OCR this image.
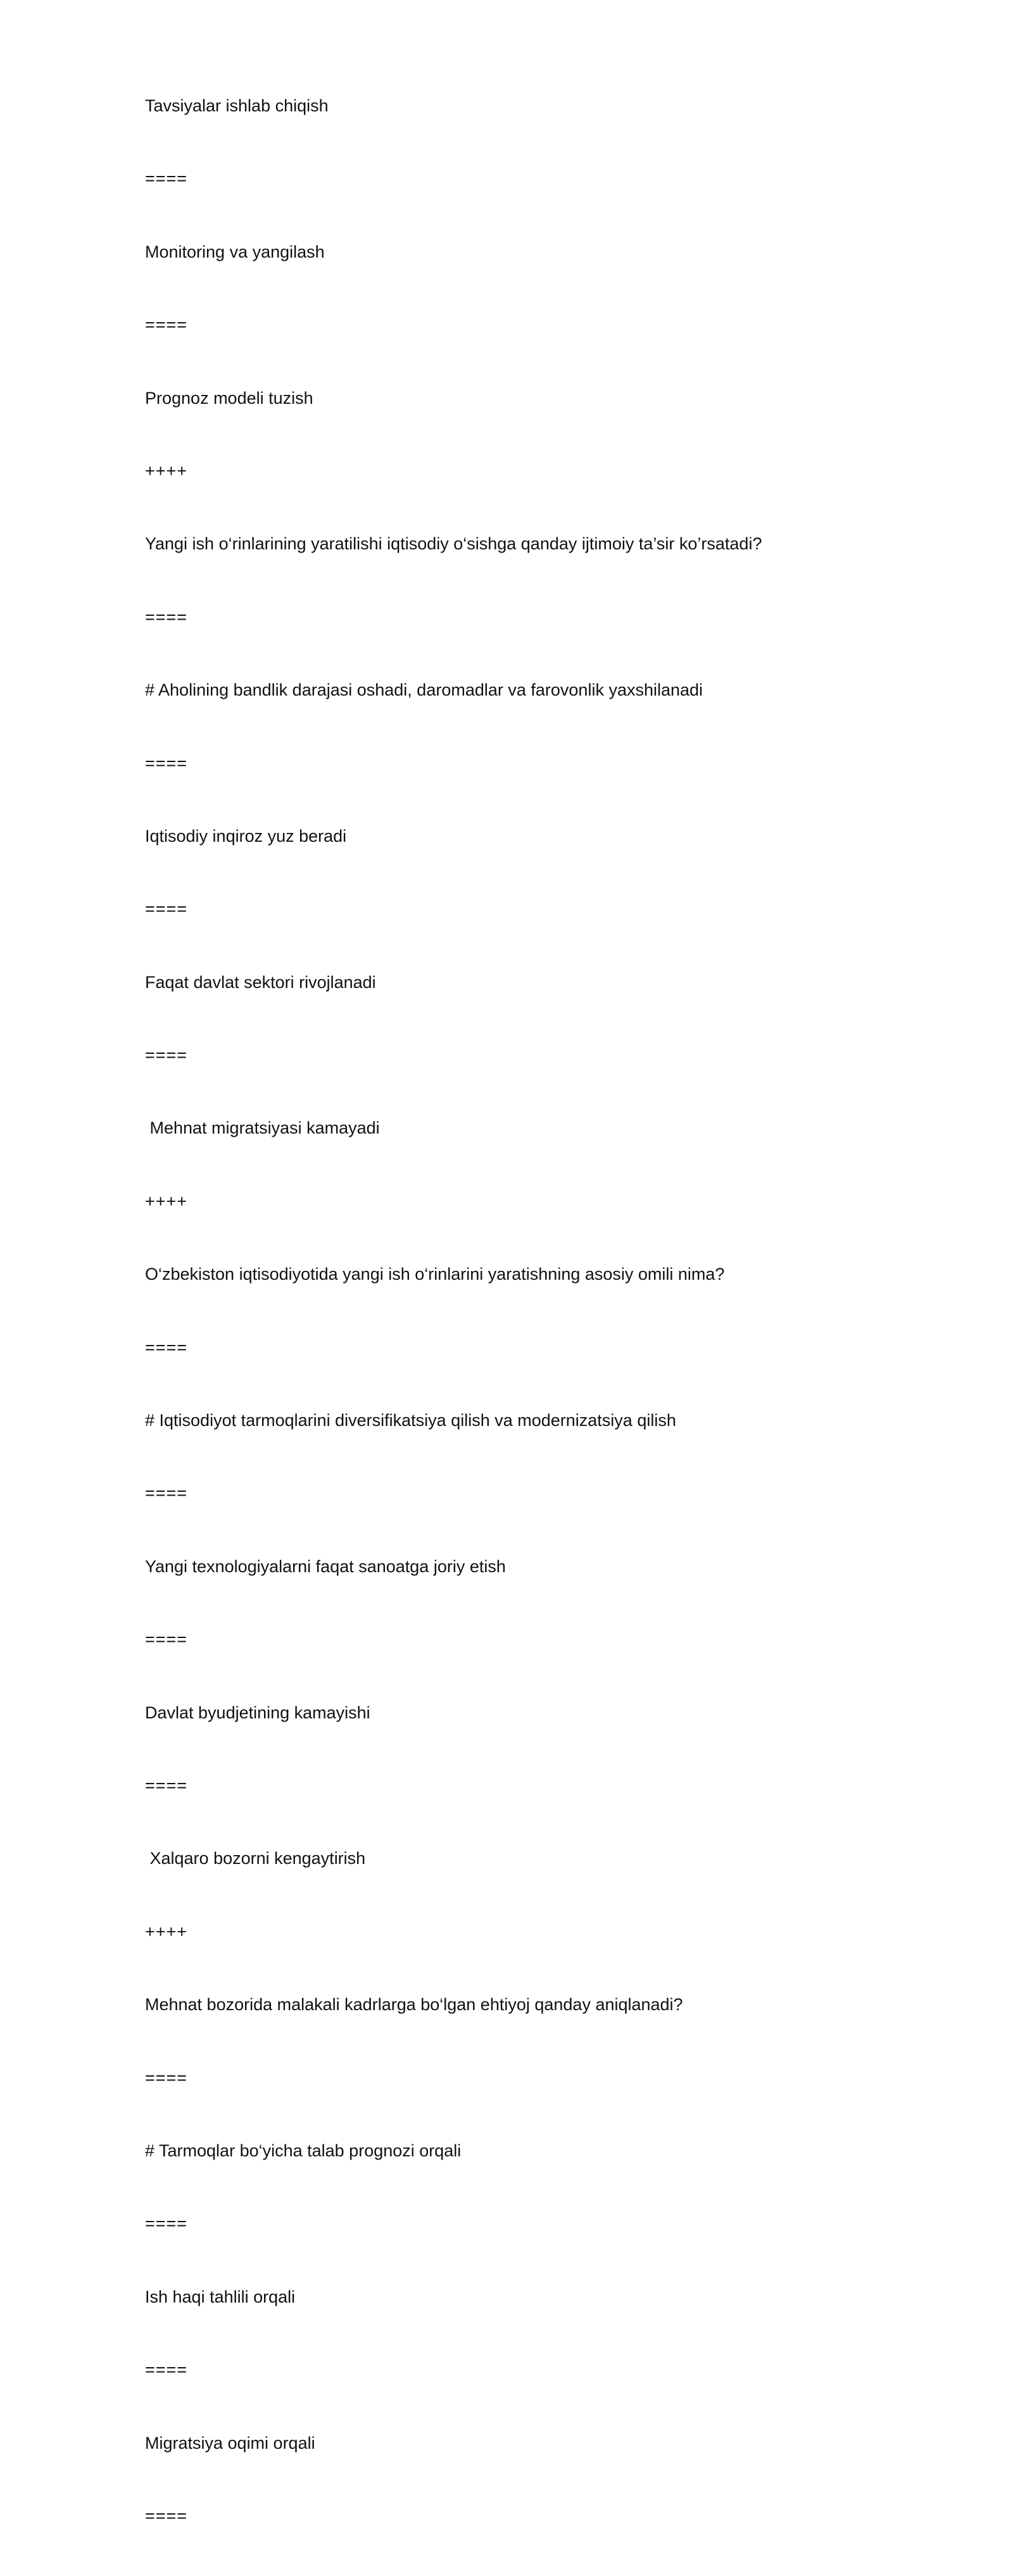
Tavsiyalar ishlab chiqish
====
Monitoring va yangilash
====
Prognoz modeli tuzish
++++
Yangi ish o‘rinlarining yaratilishi iqtisodiy o‘sishga qanday ijtimoiy ta’sir ko’rsatadi?
====
# Aholining bandlik darajasi oshadi, daromadlar va farovonlik yaxshilanadi
====
Iqtisodiy inqiroz yuz beradi
====
Faqat davlat sektori rivojlanadi
====
Mehnat migratsiyasi kamayadi
++++
O‘zbekiston iqtisodiyotida yangi ish o‘rinlarini yaratishning asosiy omili nima?
====
# Iqtisodiyot tarmoqlarini diversifikatsiya qilish va modernizatsiya qilish
====
Yangi texnologiyalarni faqat sanoatga joriy etish
====
Davlat byudjetining kamayishi
====
Xalqaro bozorni kengaytirish
++++
Mehnat bozorida malakali kadrlarga bo‘lgan ehtiyoj qanday aniqlanadi?
====
# Tarmoqlar bo‘yicha talab prognozi orqali
====
Ish haqi tahlili orqali
====
Migratsiya oqimi orqali
====
